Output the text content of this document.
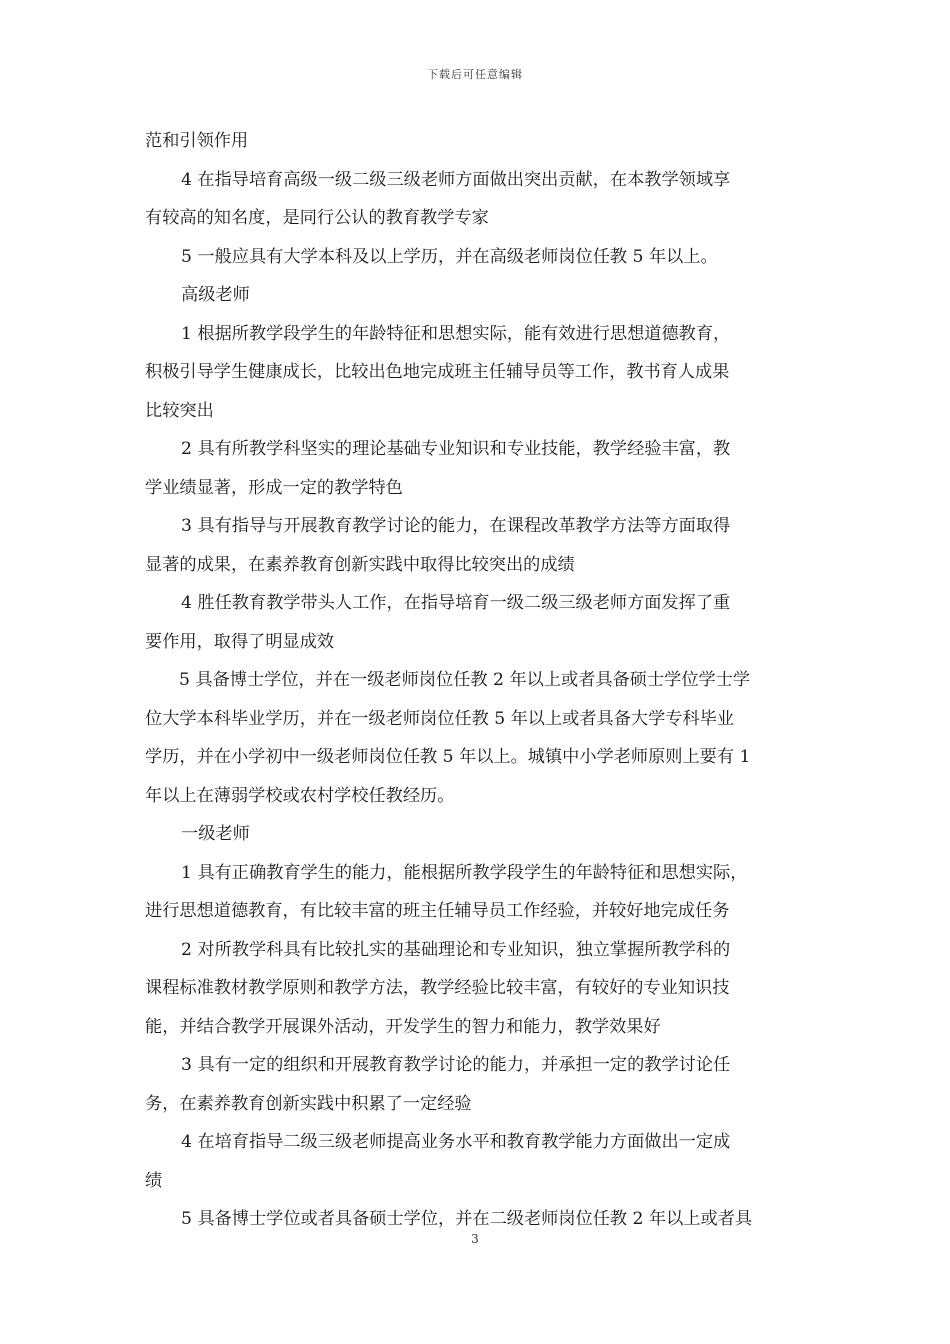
下载后可任意编辑
范和引领作用
4 在指导培育高级一级二级三级老师方面做出突出贡献，在本教学领域享
有较高的知名度，是同行公认的教育教学专家
5 一般应具有大学本科及以上学历，并在高级老师岗位任教 5 年以上。
高级老师
1 根据所教学段学生的年龄特征和思想实际，能有效进行思想道德教育，
积极引导学生健康成长，比较出色地完成班主任辅导员等工作，教书育人成果
比较突出
2 具有所教学科坚实的理论基础专业知识和专业技能，教学经验丰富，教
学业绩显著，形成一定的教学特色
3 具有指导与开展教育教学讨论的能力，在课程改革教学方法等方面取得
显著的成果，在素养教育创新实践中取得比较突出的成绩
4 胜任教育教学带头人工作，在指导培育一级二级三级老师方面发挥了重
要作用，取得了明显成效
5 具备博士学位，并在一级老师岗位任教 2 年以上或者具备硕士学位学士学
位大学本科毕业学历，并在一级老师岗位任教 5 年以上或者具备大学专科毕业
学历，并在小学初中一级老师岗位任教 5 年以上。城镇中小学老师原则上要有 1
年以上在薄弱学校或农村学校任教经历。
一级老师
1 具有正确教育学生的能力，能根据所教学段学生的年龄特征和思想实际，
进行思想道德教育，有比较丰富的班主任辅导员工作经验，并较好地完成任务
2 对所教学科具有比较扎实的基础理论和专业知识，独立掌握所教学科的
课程标准教材教学原则和教学方法，教学经验比较丰富，有较好的专业知识技
能，并结合教学开展课外活动，开发学生的智力和能力，教学效果好
3 具有一定的组织和开展教育教学讨论的能力，并承担一定的教学讨论任
务，在素养教育创新实践中积累了一定经验
4 在培育指导二级三级老师提高业务水平和教育教学能力方面做出一定成
绩
5 具备博士学位或者具备硕士学位，并在二级老师岗位任教 2 年以上或者具
3
